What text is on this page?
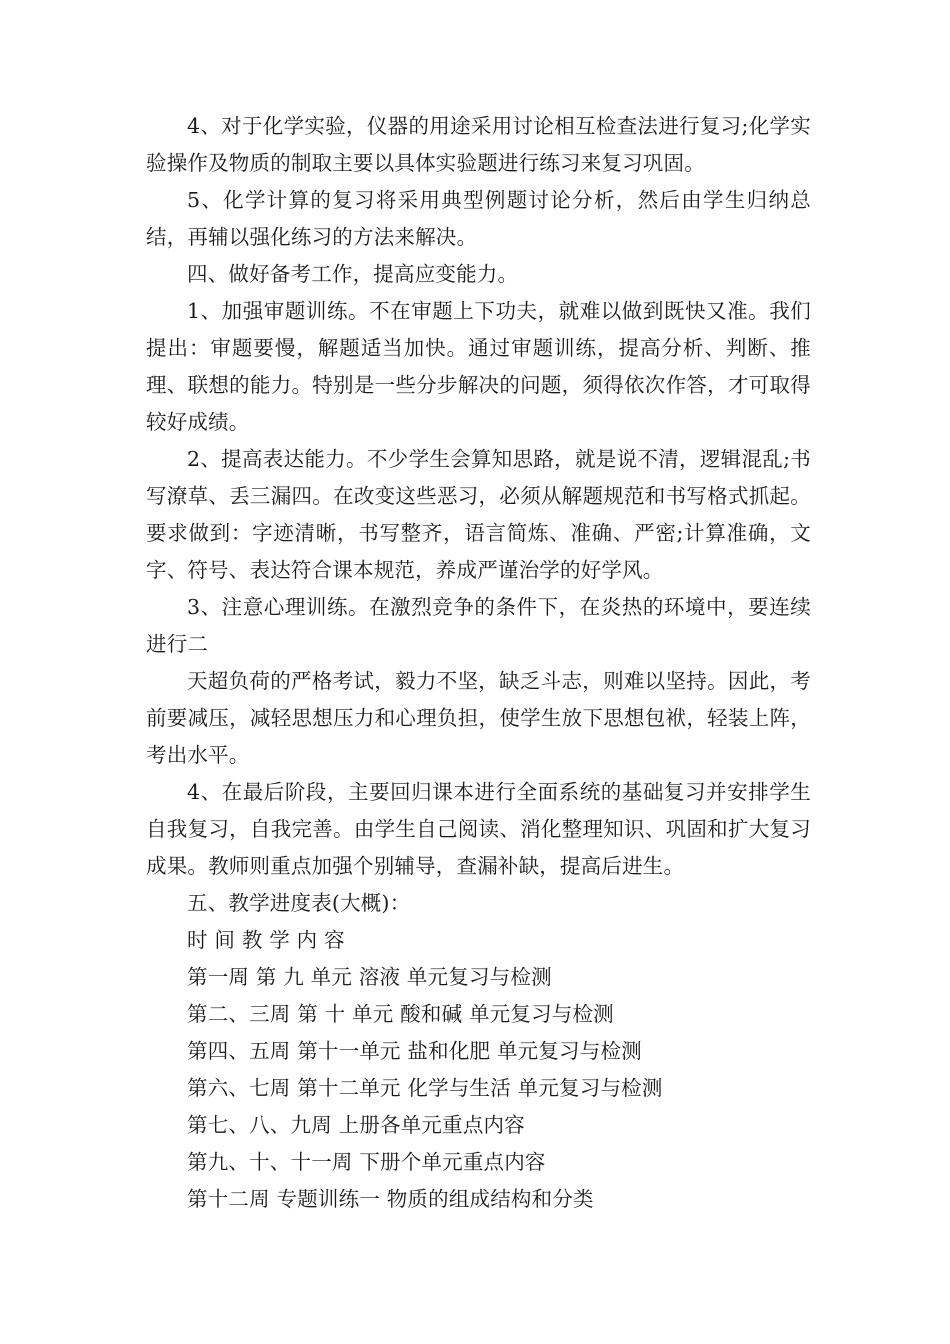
4、对于化学实验，仪器的用途采用讨论相互检查法进行复习;化学实验操作及物质的制取主要以具体实验题进行练习来复习巩固。

5、化学计算的复习将采用典型例题讨论分析，然后由学生归纳总结，再辅以强化练习的方法来解决。

四、做好备考工作，提高应变能力。

1、加强审题训练。不在审题上下功夫，就难以做到既快又准。我们提出：审题要慢，解题适当加快。通过审题训练，提高分析、判断、推理、联想的能力。特别是一些分步解决的问题，须得依次作答，才可取得较好成绩。

2、提高表达能力。不少学生会算知思路，就是说不清，逻辑混乱;书写潦草、丢三漏四。在改变这些恶习，必须从解题规范和书写格式抓起。要求做到：字迹清晰，书写整齐，语言简炼、准确、严密;计算准确，文字、符号、表达符合课本规范，养成严谨治学的好学风。

3、注意心理训练。在激烈竞争的条件下，在炎热的环境中，要连续进行二

天超负荷的严格考试，毅力不坚，缺乏斗志，则难以坚持。因此，考前要减压，减轻思想压力和心理负担，使学生放下思想包袱，轻装上阵，考出水平。

4、在最后阶段，主要回归课本进行全面系统的基础复习并安排学生自我复习，自我完善。由学生自己阅读、消化整理知识、巩固和扩大复习成果。教师则重点加强个别辅导，查漏补缺，提高后进生。

五、教学进度表(大概)：

时 间 教 学 内 容
第一周 第 九 单元 溶液 单元复习与检测
第二、三周 第 十 单元 酸和碱 单元复习与检测
第四、五周 第十一单元 盐和化肥 单元复习与检测
第六、七周 第十二单元 化学与生活 单元复习与检测
第七、八、九周 上册各单元重点内容
第九、十、十一周 下册个单元重点内容
第十二周 专题训练一 物质的组成结构和分类
